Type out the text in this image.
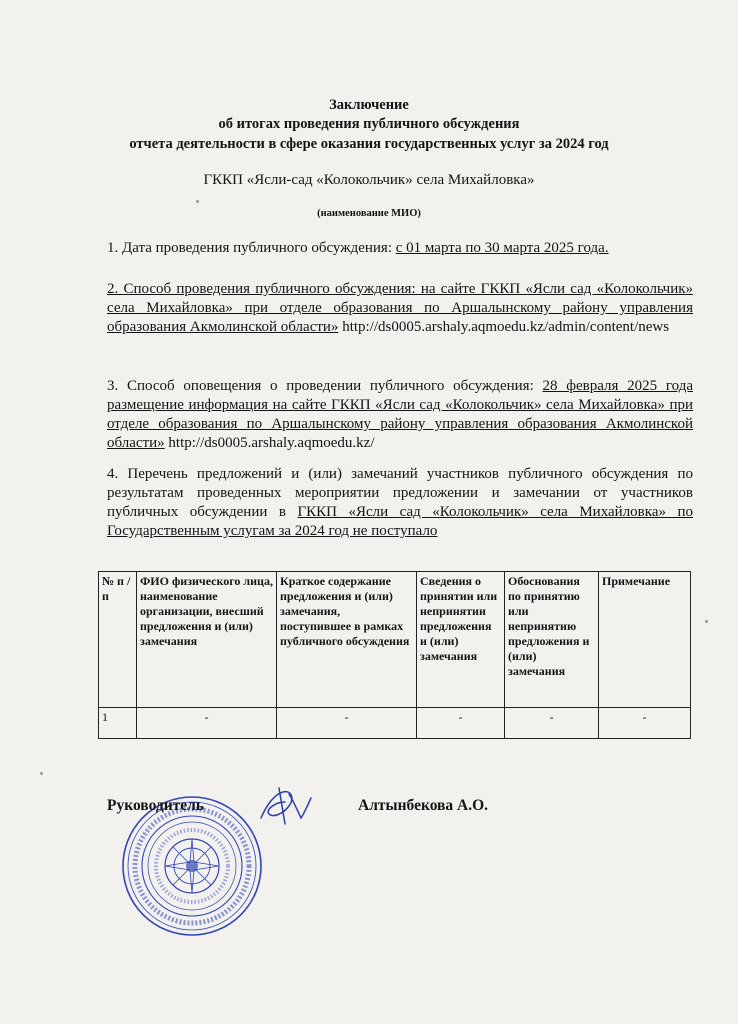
Заключение
об итогах проведения публичного обсуждения
отчета деятельности в сфере оказания государственных услуг за 2024 год
ГККП «Ясли-сад «Колокольчик» села Михайловка»
(наименование МИО)
1. Дата проведения публичного обсуждения: с 01 марта по 30 марта 2025 года.
2. Способ проведения публичного обсуждения: на сайте ГККП «Ясли сад «Колокольчик» села Михайловка» при отделе образования по Аршалынскому району управления образования Акмолинской области» http://ds0005.arshaly.aqmoedu.kz/admin/content/news
3. Способ оповещения о проведении публичного обсуждения: 28 февраля 2025 года размещение информация на сайте ГККП «Ясли сад «Колокольчик» села Михайловка» при отделе образования по Аршалынскому району управления образования Акмолинской области» http://ds0005.arshaly.aqmoedu.kz/
4. Перечень предложений и (или) замечаний участников публичного обсуждения по результатам проведенных мероприятии предложении и замечании от участников публичных обсуждении в ГККП «Ясли сад «Колокольчик» села Михайловка» по Государственным услугам за 2024 год не поступало
№ п /п	ФИО физического лица, наименование организации, внесший предложения и (или) замечания	Краткое содержание предложения и (или) замечания, поступившее в рамках публичного обсуждения	Сведения о принятии или непринятии предложения и (или) замечания	Обоснования по принятию или непринятию предложения и (или) замечания	Примечание
1	-	-	-	-	-
Руководитель	Алтынбекова А.О.
